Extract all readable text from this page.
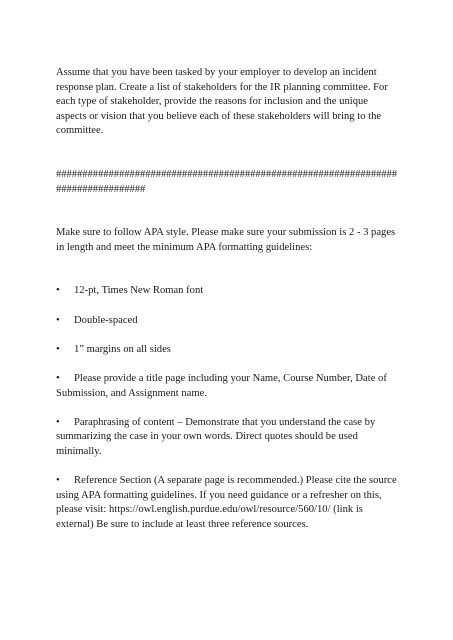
Assume that you have been tasked by your employer to develop an incident response plan. Create a list of stakeholders for the IR planning committee. For each type of stakeholder, provide the reasons for inclusion and the unique aspects or vision that you believe each of these stakeholders will bring to the committee.

##################################################################################

Make sure to follow APA style. Please make sure your submission is 2 - 3 pages in length and meet the minimum APA formatting guidelines:

• 12-pt, Times New Roman font

• Double-spaced

• 1” margins on all sides

• Please provide a title page including your Name, Course Number, Date of Submission, and Assignment name.

• Paraphrasing of content – Demonstrate that you understand the case by summarizing the case in your own words. Direct quotes should be used minimally.

• Reference Section (A separate page is recommended.) Please cite the source using APA formatting guidelines. If you need guidance or a refresher on this, please visit: https://owl.english.purdue.edu/owl/resource/560/10/ (link is external) Be sure to include at least three reference sources.
